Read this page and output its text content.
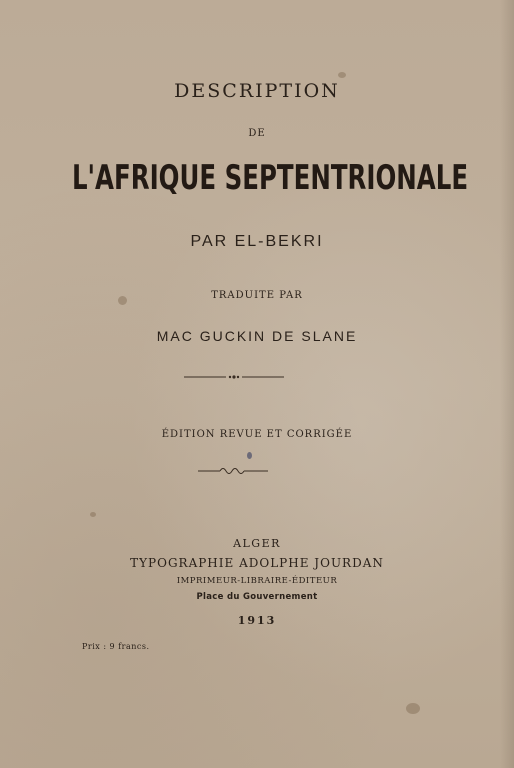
DESCRIPTION
DE
L'AFRIQUE SEPTENTRIONALE
PAR EL-BEKRI
TRADUITE PAR
MAC GUCKIN DE SLANE
ÉDITION REVUE ET CORRIGÉE
ALGER
TYPOGRAPHIE ADOLPHE JOURDAN
IMPRIMEUR-LIBRAIRE-ÉDITEUR
Place du Gouvernement
1913
Prix : 9 francs.
